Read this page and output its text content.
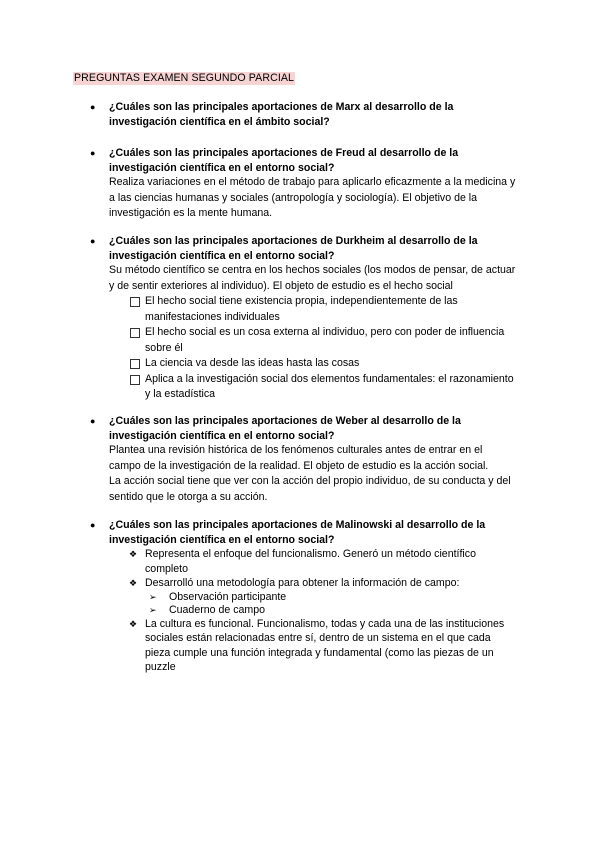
PREGUNTAS EXAMEN SEGUNDO PARCIAL
● ¿Cuáles son las principales aportaciones de Marx al desarrollo de la investigación científica en el ámbito social?
● ¿Cuáles son las principales aportaciones de Freud al desarrollo de la investigación científica en el entorno social?
Realiza variaciones en el método de trabajo para aplicarlo eficazmente a la medicina y a las ciencias humanas y sociales (antropología y sociología). El objetivo de la investigación es la mente humana.
● ¿Cuáles son las principales aportaciones de Durkheim al desarrollo de la investigación científica en el entorno social?
Su método científico se centra en los hechos sociales (los modos de pensar, de actuar y de sentir exteriores al individuo). El objeto de estudio es el hecho social
El hecho social tiene existencia propia, independientemente de las manifestaciones individuales
El hecho social es un cosa externa al individuo, pero con poder de influencia sobre él
La ciencia va desde las ideas hasta las cosas
Aplica a la investigación social dos elementos fundamentales: el razonamiento y la estadística
● ¿Cuáles son las principales aportaciones de Weber al desarrollo de la investigación científica en el entorno social?
Plantea una revisión histórica de los fenómenos culturales antes de entrar en el campo de la investigación de la realidad. El objeto de estudio es la acción social.
La acción social tiene que ver con la acción del propio individuo, de su conducta y del sentido que le otorga a su acción.
● ¿Cuáles son las principales aportaciones de Malinowski al desarrollo de la investigación científica en el entorno social?
❖ Representa el enfoque del funcionalismo. Generó un método científico completo
❖ Desarrolló una metodología para obtener la información de campo:
➢ Observación participante
➢ Cuaderno de campo
❖ La cultura es funcional. Funcionalismo, todas y cada una de las instituciones sociales están relacionadas entre sí, dentro de un sistema en el que cada pieza cumple una función integrada y fundamental (como las piezas de un puzzle
